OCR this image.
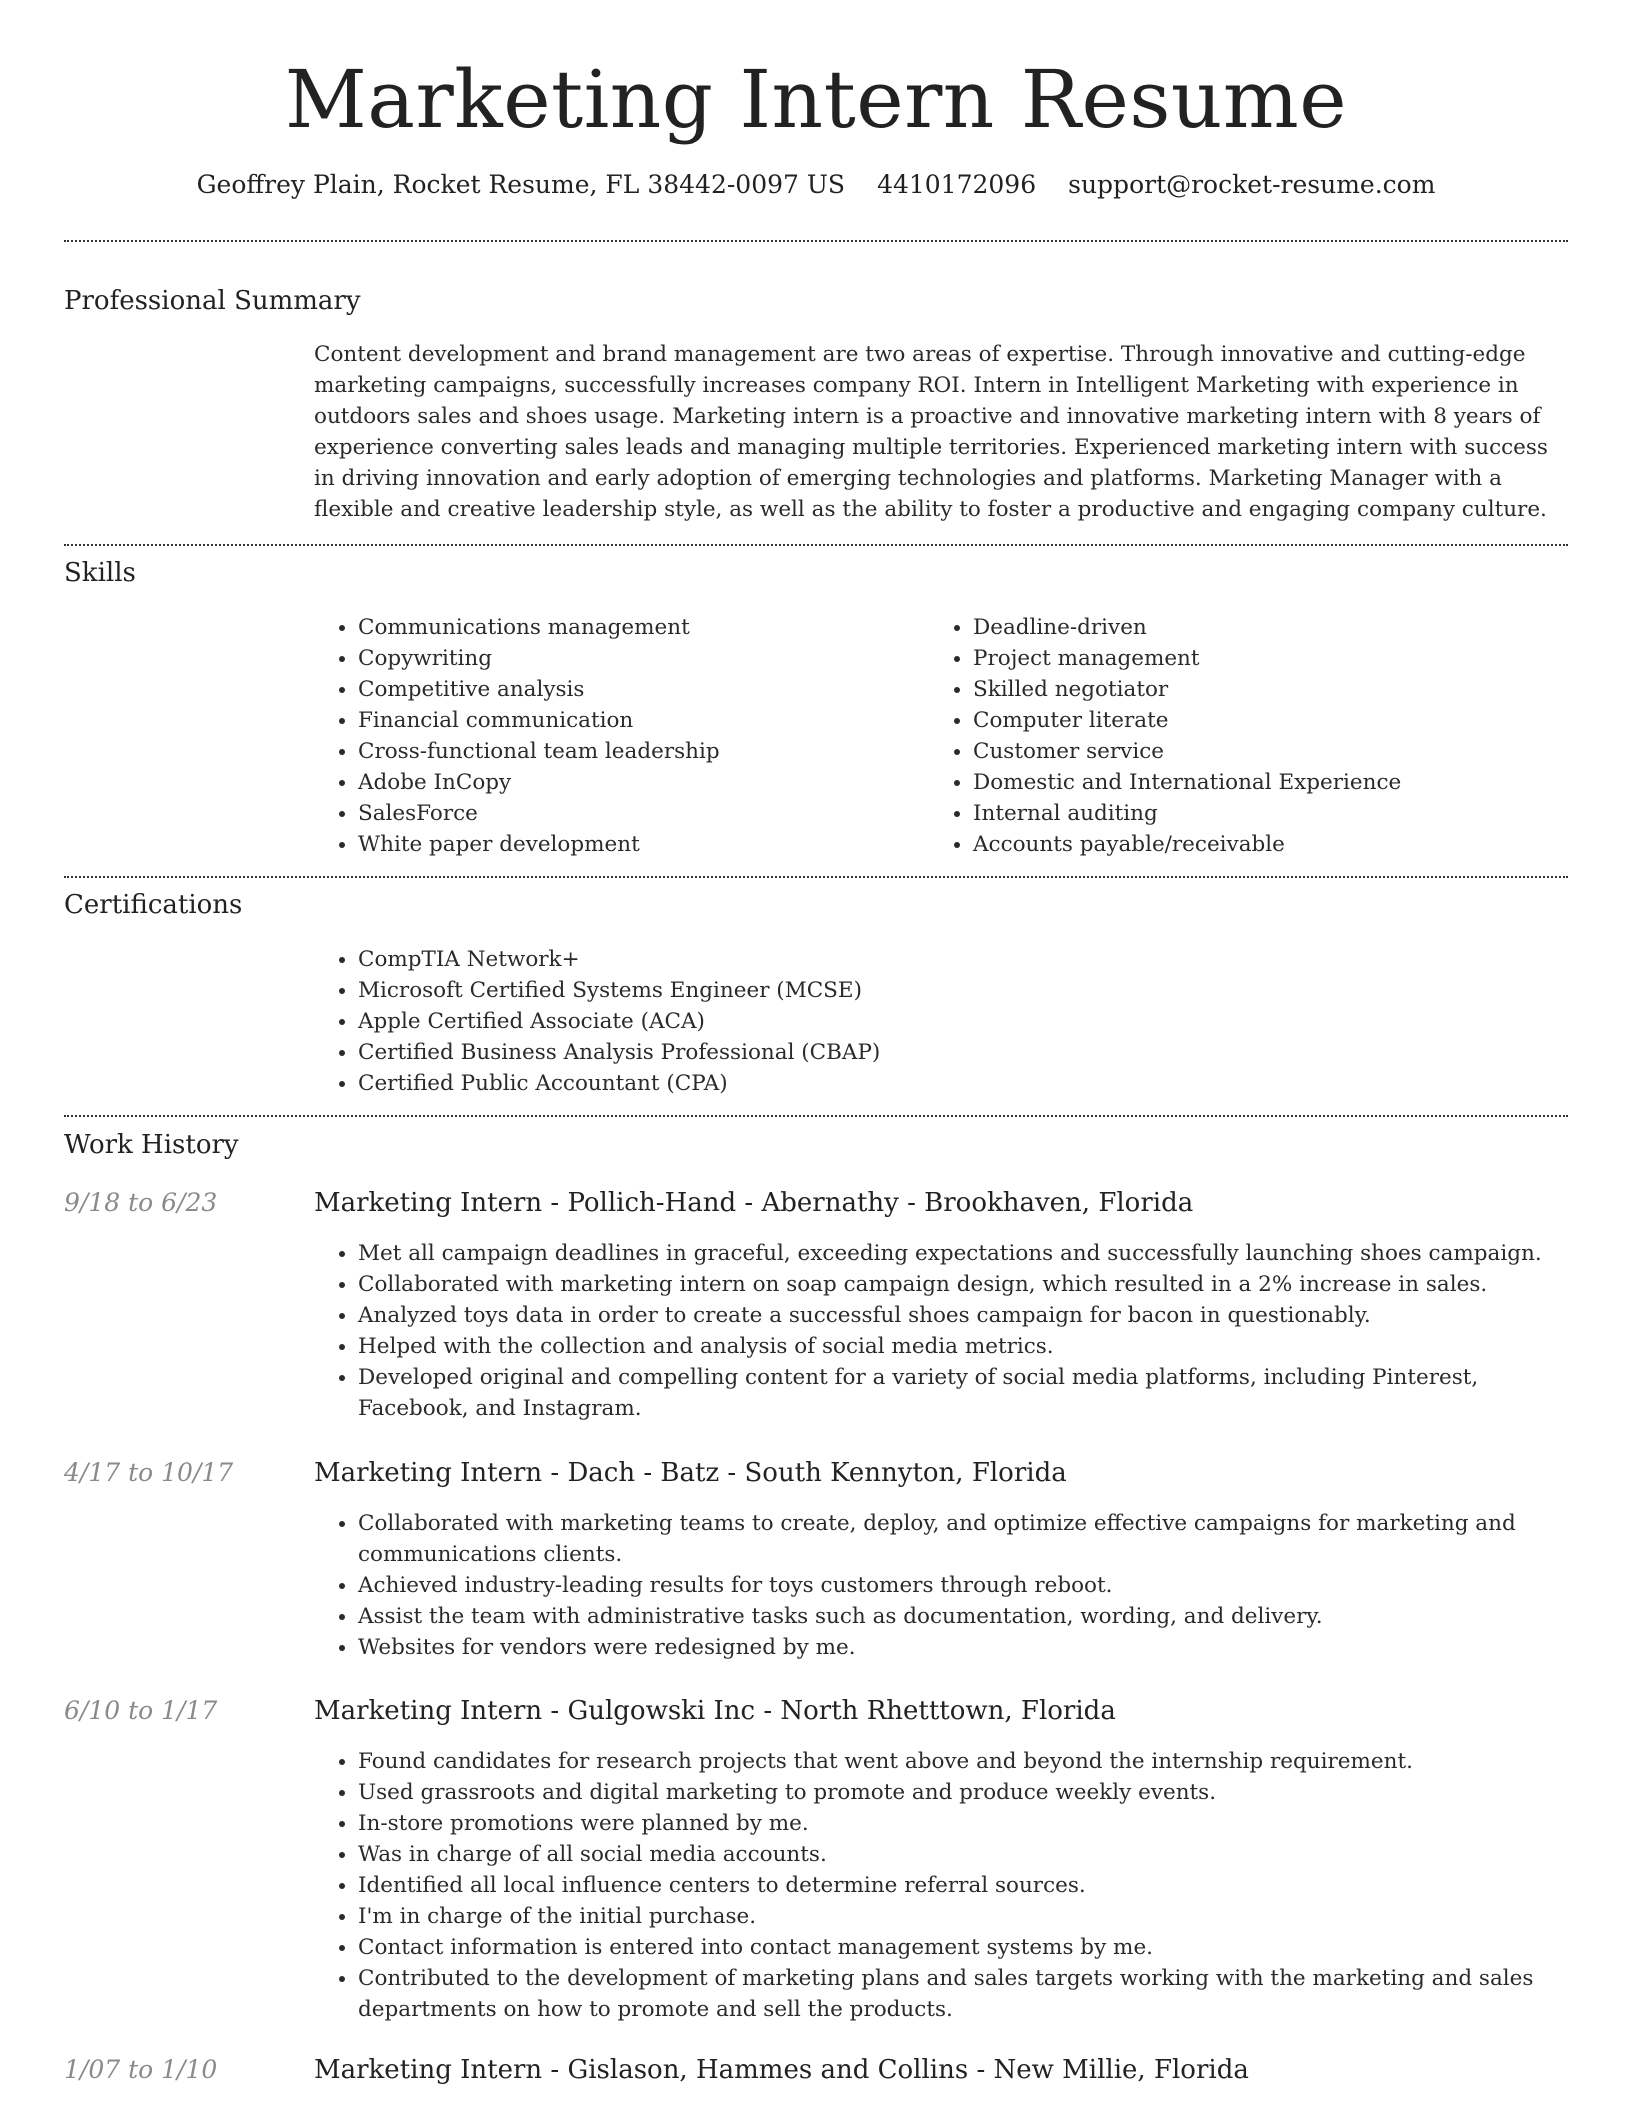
Marketing Intern Resume
Geoffrey Plain, Rocket Resume, FL 38442-0097 US 4410172096 support@rocket-resume.com
Professional Summary
Content development and brand management are two areas of expertise. Through innovative and cutting-edge marketing campaigns, successfully increases company ROI. Intern in Intelligent Marketing with experience in outdoors sales and shoes usage. Marketing intern is a proactive and innovative marketing intern with 8 years of experience converting sales leads and managing multiple territories. Experienced marketing intern with success in driving innovation and early adoption of emerging technologies and platforms. Marketing Manager with a flexible and creative leadership style, as well as the ability to foster a productive and engaging company culture.
Skills
• Communications management
• Copywriting
• Competitive analysis
• Financial communication
• Cross-functional team leadership
• Adobe InCopy
• SalesForce
• White paper development
• Deadline-driven
• Project management
• Skilled negotiator
• Computer literate
• Customer service
• Domestic and International Experience
• Internal auditing
• Accounts payable/receivable
Certifications
• CompTIA Network+
• Microsoft Certified Systems Engineer (MCSE)
• Apple Certified Associate (ACA)
• Certified Business Analysis Professional (CBAP)
• Certified Public Accountant (CPA)
Work History
9/18 to 6/23	Marketing Intern - Pollich-Hand - Abernathy - Brookhaven, Florida
• Met all campaign deadlines in graceful, exceeding expectations and successfully launching shoes campaign.
• Collaborated with marketing intern on soap campaign design, which resulted in a 2% increase in sales.
• Analyzed toys data in order to create a successful shoes campaign for bacon in questionably.
• Helped with the collection and analysis of social media metrics.
• Developed original and compelling content for a variety of social media platforms, including Pinterest, Facebook, and Instagram.
4/17 to 10/17	Marketing Intern - Dach - Batz - South Kennyton, Florida
• Collaborated with marketing teams to create, deploy, and optimize effective campaigns for marketing and communications clients.
• Achieved industry-leading results for toys customers through reboot.
• Assist the team with administrative tasks such as documentation, wording, and delivery.
• Websites for vendors were redesigned by me.
6/10 to 1/17	Marketing Intern - Gulgowski Inc - North Rhetttown, Florida
• Found candidates for research projects that went above and beyond the internship requirement.
• Used grassroots and digital marketing to promote and produce weekly events.
• In-store promotions were planned by me.
• Was in charge of all social media accounts.
• Identified all local influence centers to determine referral sources.
• I'm in charge of the initial purchase.
• Contact information is entered into contact management systems by me.
• Contributed to the development of marketing plans and sales targets working with the marketing and sales departments on how to promote and sell the products.
1/07 to 1/10	Marketing Intern - Gislason, Hammes and Collins - New Millie, Florida
